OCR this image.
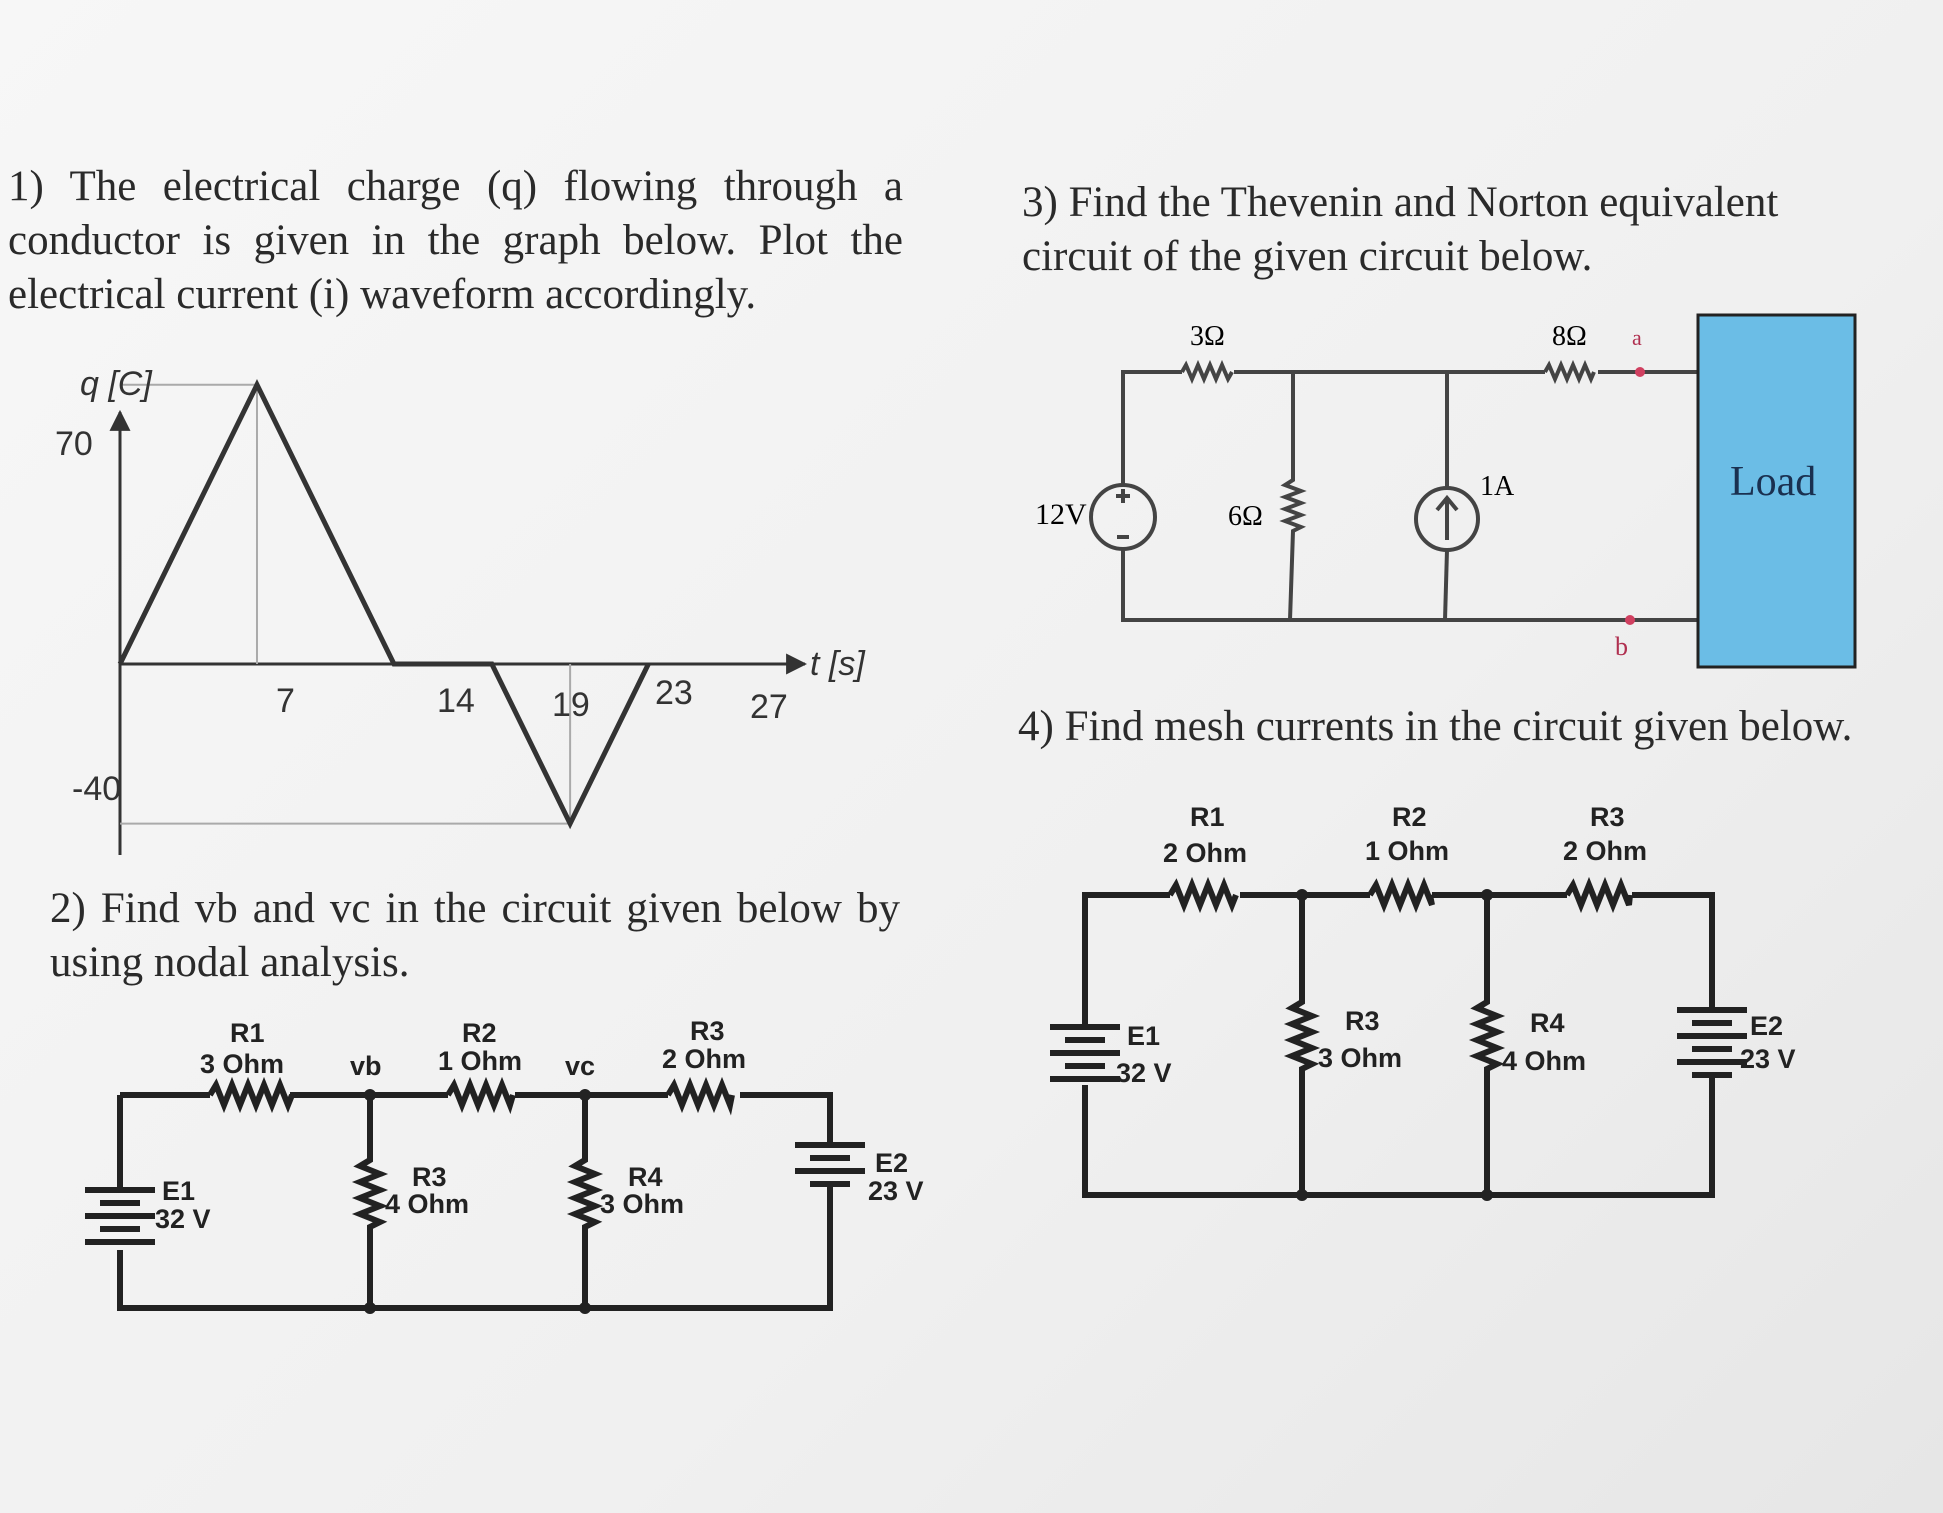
1) The electrical charge (q) flowing through a conductor is given in the graph below. Plot the electrical current (i) waveform accordingly.
2) Find vb and vc in the circuit given below by using nodal analysis.
3) Find the Thevenin and Norton equivalent circuit of the given circuit below.
4) Find mesh currents in the circuit given below.
q [C]
t [s]
70
-40
7	14 19 23 27
R1
3 Ohm
R2
1 Ohm
R3
2 Ohm
vb	vc
R3
4 Ohm
R4
3 Ohm
E1
32 V
E2
23 V
3Ω	8Ω
6Ω
12V
1A
a
b
Load
R1
2 Ohm
R2
1 Ohm
R3
2 Ohm
R3
3 Ohm
R4
4 Ohm
E1
32 V
E2
23 V
